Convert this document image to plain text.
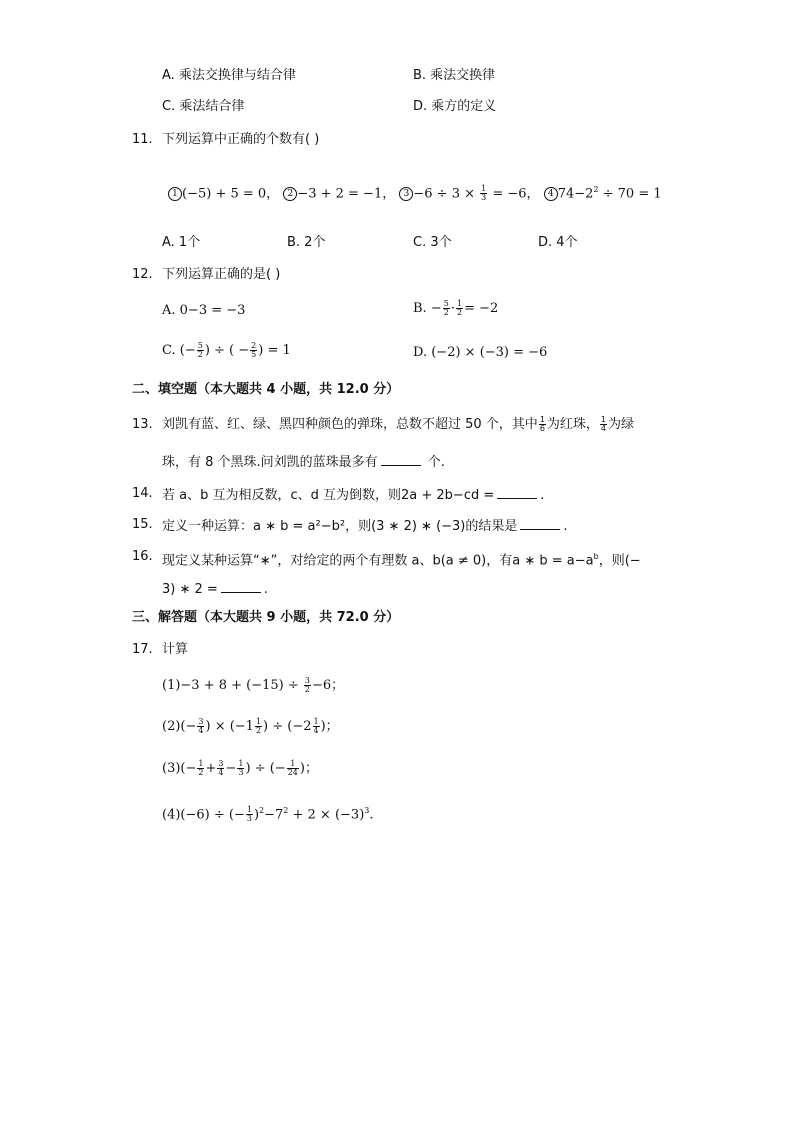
A. 乘法交换律与结合律	B. 乘法交换律
C. 乘法结合律	D. 乘方的定义
11. 下列运算中正确的个数有( )
1 (−5) + 5 = 0， 2 −3 + 2 = −1， $3 -6 \div 3 \times \frac{1}{3} = -6$， 4 $74-2^2 \div 70 = 1$
A. 1个	B. 2个	C. 3个	D. 4个
12. 下列运算正确的是( )
A. 0−3 = −3	B. − $\frac{5}{2} \cdot \frac{1}{2} = -2$
C. (− $\frac{5}{2}$ ) ÷ ( − $\frac{2}{5}$ ) = 1	D. (−2) × (−3) = −6
二、填空题（本大题共 4 小题，共 12.0 分）
13. 刘凯有蓝、红、绿、黑四种颜色的弹珠，总数不超过 50 个，其中 $\frac{1}{6}$ 为红珠， $\frac{1}{4}$ 为绿
珠，有 8 个黑珠.问刘凯的蓝珠最多有	个.
14. 若 a、b 互为相反数，c、d 互为倒数，则2a + 2b−cd =	.
15. 定义一种运算：a ∗ b = a²−b²，则(3 ∗ 2) ∗ (−3)的结果是	.
16. 现定义某种运算“∗”，对给定的两个有理数 a、b(a ≠ 0)，有a ∗ $b = a-a^b$，则(−
3) ∗ 2 =	.
三、解答题（本大题共 9 小题，共 72.0 分）
17. 计算
$(1)-3 + 8 + (-15) \div \frac{3}{2} -6$；
$(2)(- \frac{3}{4}$ ) × ($-1 \frac{1}{2}$ ) ÷ ($-2 \frac{1}{4}$ )；
$(3)(- \frac{1}{2} + \frac{3}{4} - \frac{1}{3}$ ) ÷ (− $\frac{1}{24}$ )；
(4)(−6) ÷ (− $\frac{1}{3} )^2-7^2 + 2 \times (-3)^3$.
